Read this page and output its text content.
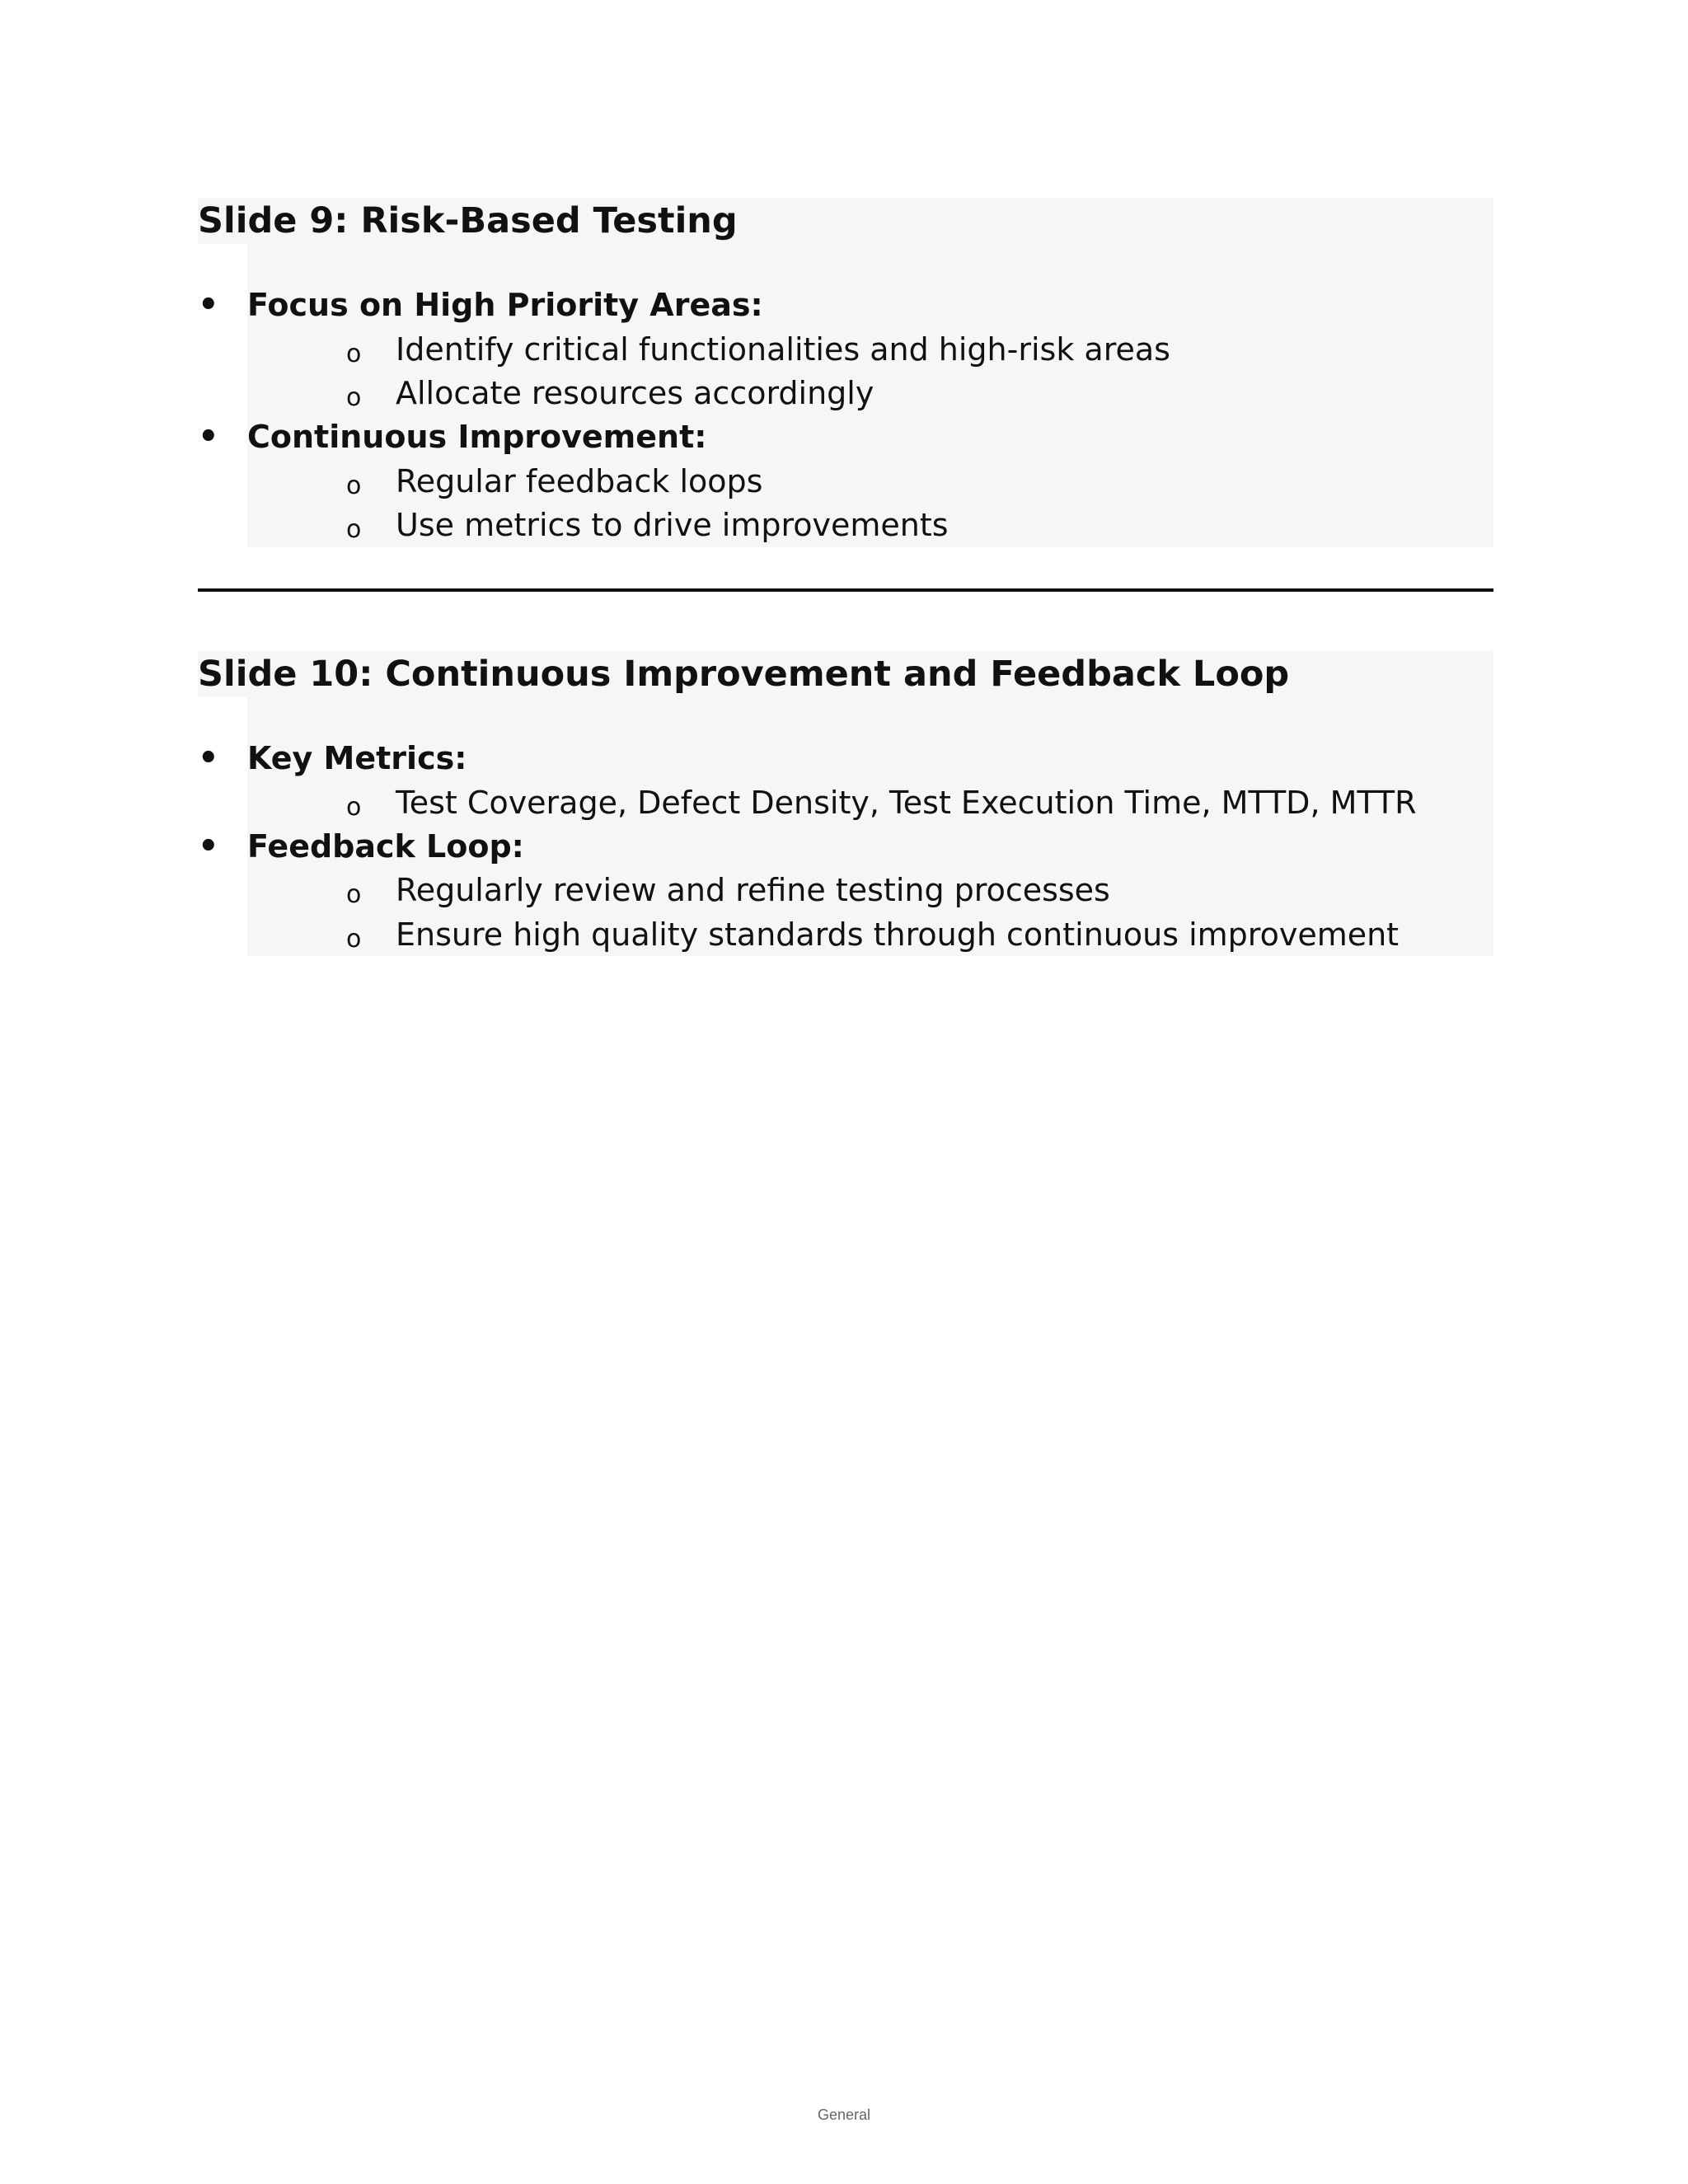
Slide 9: Risk-Based Testing
• Focus on High Priority Areas:
o Identify critical functionalities and high-risk areas
o Allocate resources accordingly
• Continuous Improvement:
o Regular feedback loops
o Use metrics to drive improvements
Slide 10: Continuous Improvement and Feedback Loop
• Key Metrics:
o Test Coverage, Defect Density, Test Execution Time, MTTD, MTTR
• Feedback Loop:
o Regularly review and refine testing processes
o Ensure high quality standards through continuous improvement
General
